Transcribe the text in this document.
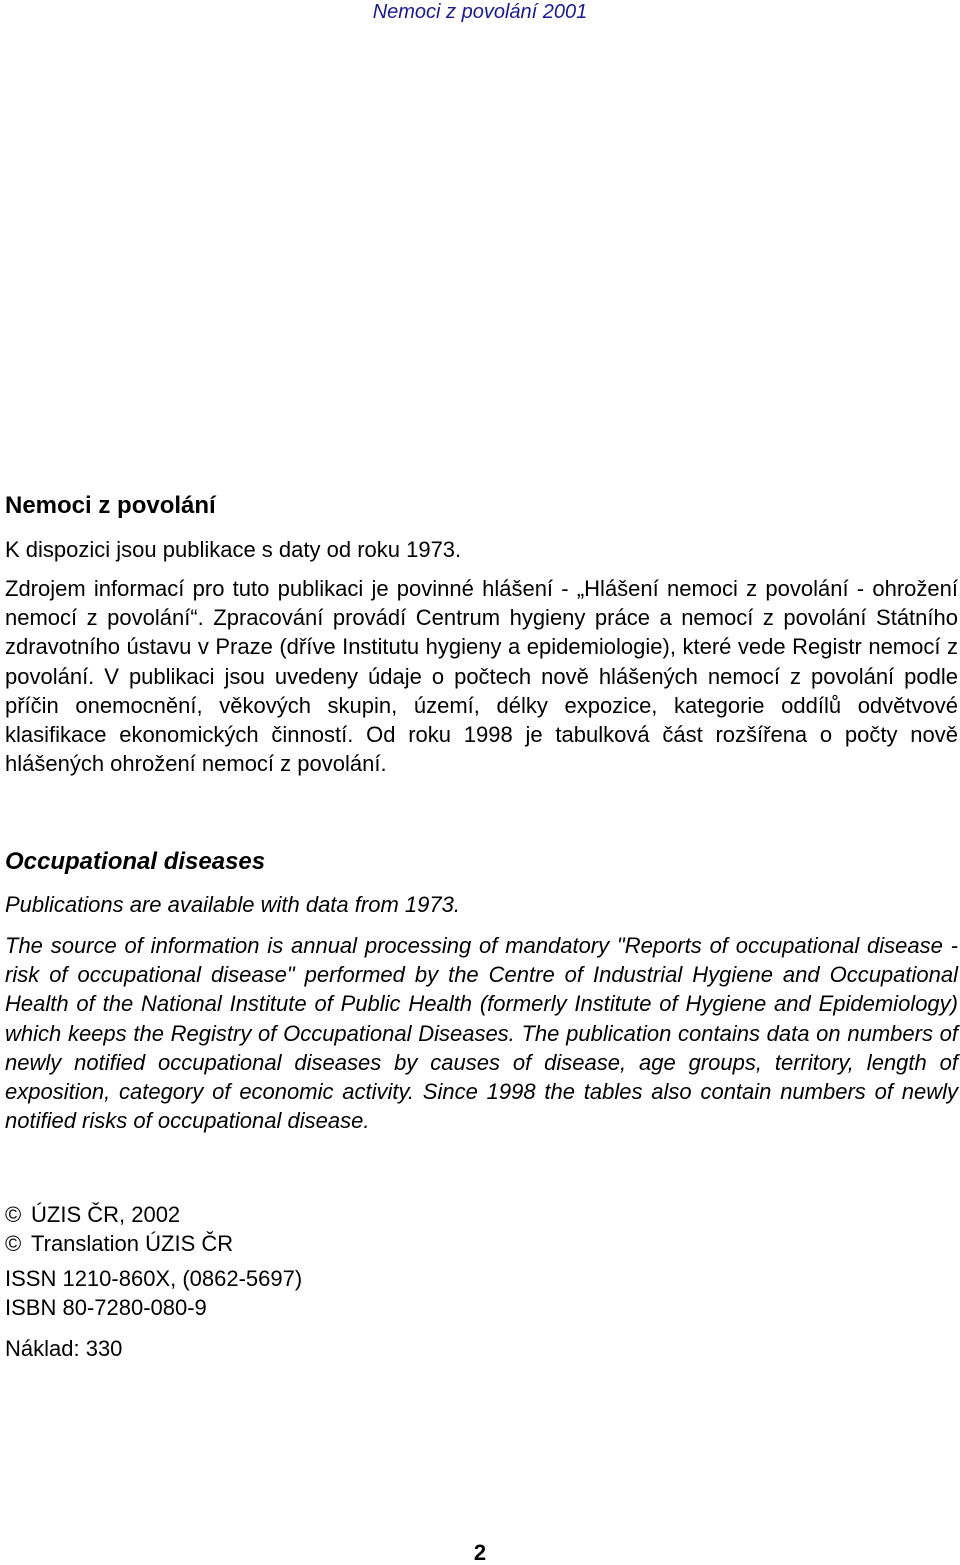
Nemoci z povolání 2001
Nemoci z povolání
K dispozici jsou publikace s daty od roku 1973.
Zdrojem informací pro tuto publikaci je povinné hlášení - „Hlášení nemoci z povolání - ohrožení nemocí z povolání“. Zpracování provádí Centrum hygieny práce a nemocí z povolání Státního zdravotního ústavu v Praze (dříve Institutu hygieny a epidemiologie), které vede Registr nemocí z povolání. V publikaci jsou uvedeny údaje o počtech nově hlášených nemocí z povolání podle příčin onemocnění, věkových skupin, území, délky expozice, kategorie oddílů odvětvové klasifikace ekonomických činností. Od roku 1998 je tabulková část rozšířena o počty nově hlášených ohrožení nemocí z povolání.
Occupational diseases
Publications are available with data from 1973.
The source of information is annual processing of mandatory "Reports of occupational disease - risk of occupational disease" performed by the Centre of Industrial Hygiene and Occupational Health of the National Institute of Public Health (formerly Institute of Hygiene and Epidemiology) which keeps the Registry of Occupational Diseases. The publication contains data on numbers of newly notified occupational diseases by causes of disease, age groups, territory, length of exposition, category of economic activity. Since 1998 the tables also contain numbers of newly notified risks of occupational disease.
© ÚZIS ČR, 2002
© Translation ÚZIS ČR
ISSN 1210-860X, (0862-5697)
ISBN 80-7280-080-9
Náklad: 330
2
